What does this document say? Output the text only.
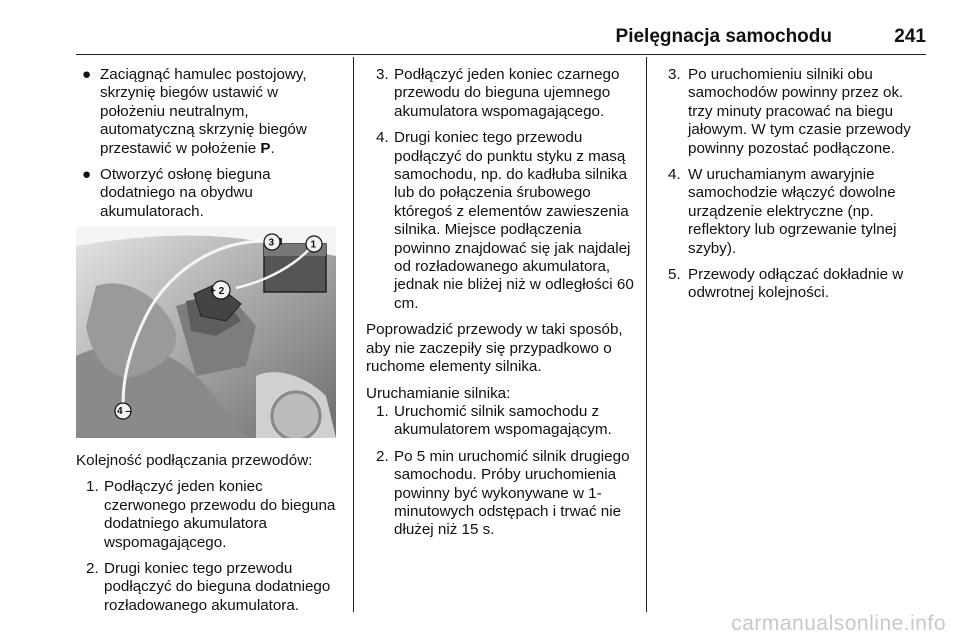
Pielęgnacja samochodu	241
● Zaciągnąć hamulec postojowy, skrzynię biegów ustawić w położeniu neutralnym, automatyczną skrzynię biegów przestawić w położenie P.
● Otworzyć osłonę bieguna dodatniego na obydwu akumulatorach.
3	1
+ 2
4 –

Kolejność podłączania przewodów:

1. Podłączyć jeden koniec czerwonego przewodu do bieguna dodatniego akumulatora wspomagającego.
2. Drugi koniec tego przewodu podłączyć do bieguna dodatniego rozładowanego akumulatora.
3. Podłączyć jeden koniec czarnego przewodu do bieguna ujemnego akumulatora wspomagającego.
4. Drugi koniec tego przewodu podłączyć do punktu styku z masą samochodu, np. do kadłuba silnika lub do połączenia śrubowego któregoś z elementów zawieszenia silnika. Miejsce podłączenia powinno znajdować się jak najdalej od rozładowanego akumulatora, jednak nie bliżej niż w odległości 60 cm.

Poprowadzić przewody w taki sposób, aby nie zaczepiły się przypadkowo o ruchome elementy silnika.

Uruchamianie silnika:

1. Uruchomić silnik samochodu z akumulatorem wspomagającym.
2. Po 5 min uruchomić silnik drugiego samochodu. Próby uruchomienia powinny być wykonywane w 1-minutowych odstępach i trwać nie dłużej niż 15 s.
3. Po uruchomieniu silniki obu samochodów powinny przez ok. trzy minuty pracować na biegu jałowym. W tym czasie przewody powinny pozostać podłączone.
4. W uruchamianym awaryjnie samochodzie włączyć dowolne urządzenie elektryczne (np. reflektory lub ogrzewanie tylnej szyby).
5. Przewody odłączać dokładnie w odwrotnej kolejności.
carmanualsonline.info
